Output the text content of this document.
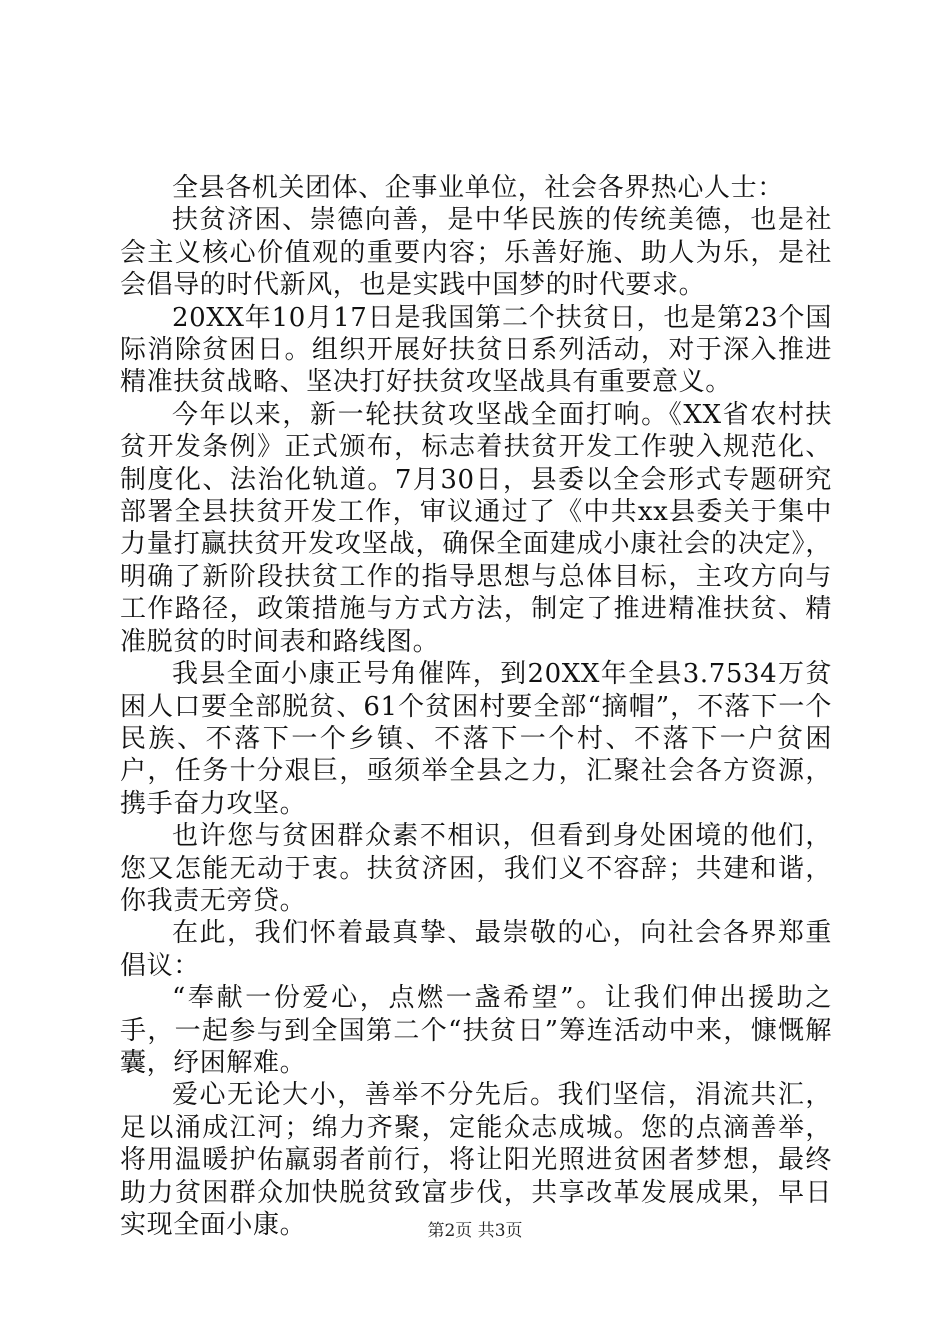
全县各机关团体、企事业单位，社会各界热心人士：

扶贫济困、崇德向善，是中华民族的传统美德，也是社会主义核心价值观的重要内容；乐善好施、助人为乐，是社会倡导的时代新风，也是实践中国梦的时代要求。

20XX年10月17日是我国第二个扶贫日，也是第23个国际消除贫困日。组织开展好扶贫日系列活动，对于深入推进精准扶贫战略、坚决打好扶贫攻坚战具有重要意义。

今年以来，新一轮扶贫攻坚战全面打响。《XX省农村扶贫开发条例》正式颁布，标志着扶贫开发工作驶入规范化、制度化、法治化轨道。7月30日，县委以全会形式专题研究部署全县扶贫开发工作，审议通过了《中共xx县委关于集中力量打赢扶贫开发攻坚战，确保全面建成小康社会的决定》，明确了新阶段扶贫工作的指导思想与总体目标，主攻方向与工作路径，政策措施与方式方法，制定了推进精准扶贫、精准脱贫的时间表和路线图。

我县全面小康正号角催阵，到20XX年全县3.7534万贫困人口要全部脱贫、61个贫困村要全部“摘帽”，不落下一个民族、不落下一个乡镇、不落下一个村、不落下一户贫困户，任务十分艰巨，亟须举全县之力，汇聚社会各方资源，携手奋力攻坚。

也许您与贫困群众素不相识，但看到身处困境的他们，您又怎能无动于衷。扶贫济困，我们义不容辞；共建和谐，你我责无旁贷。

在此，我们怀着最真挚、最崇敬的心，向社会各界郑重倡议：

“奉献一份爱心，点燃一盏希望”。让我们伸出援助之手，一起参与到全国第二个“扶贫日”筹连活动中来，慷慨解囊，纾困解难。

爱心无论大小，善举不分先后。我们坚信，涓流共汇，足以涌成江河；绵力齐聚，定能众志成城。您的点滴善举，将用温暖护佑羸弱者前行，将让阳光照进贫困者梦想，最终助力贫困群众加快脱贫致富步伐，共享改革发展成果，早日实现全面小康。	第2页 共3页
